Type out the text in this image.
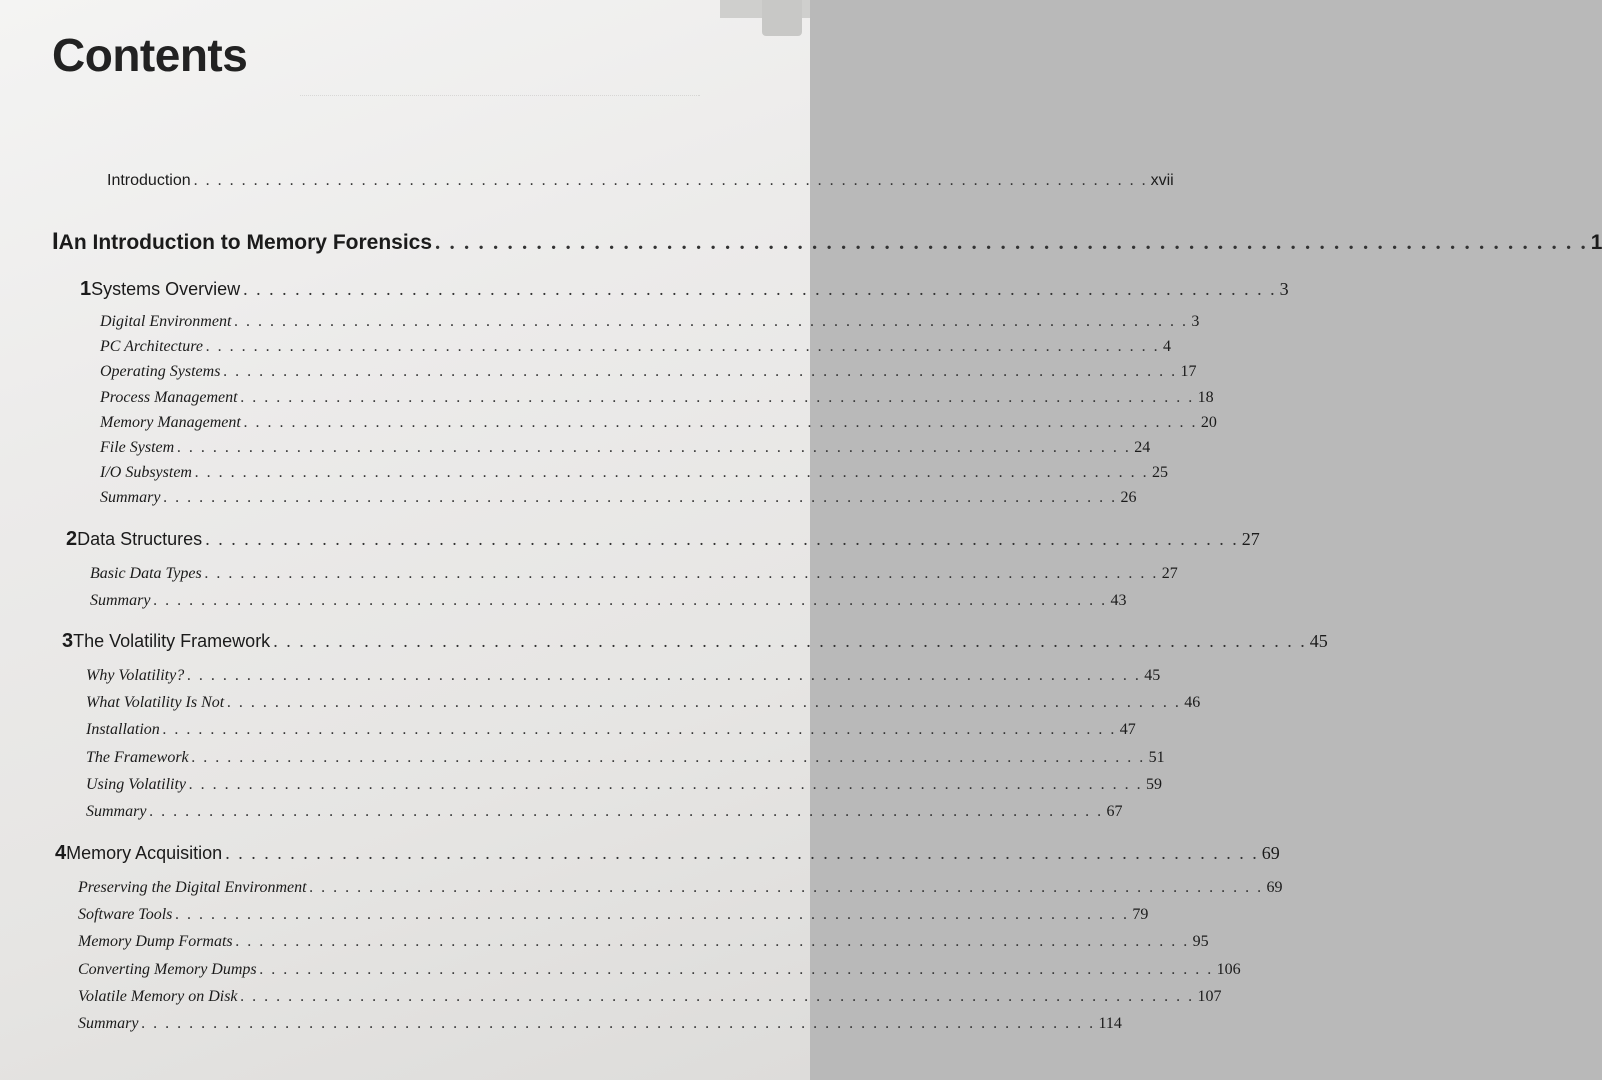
Contents
Introduction . . . . . . . . . . . . . . . . . . . . . . . . . . . . . . . . . . . . . . . . . . . . . . . . . . . . . . . . . . . . . . . . . . . . . . . . . . . . . . . . xvii
I An Introduction to Memory Forensics . . . . . . . . . . . . . . . . . . . . . . . . . . . . . . . . . . . . . . . . . . . . . . . . . . . . . . . . . . . . . . . . . . . . . . . . . . . . . . . . 1
1 Systems Overview . . . . . . . . . . . . . . . . . . . . . . . . . . . . . . . . . . . . . . . . . . . . . . . . . . . . . . . . . . . . . . . . . . . . . . . . . . . . . . . . 3
Digital Environment . . . . . . . . . . . . . . . . . . . . . . . . . . . . . . . . . . . . . . . . . . . . . . . . . . . . . . . . . . . . . . . . . . . . . . . . . . . . . . . . 3
PC Architecture . . . . . . . . . . . . . . . . . . . . . . . . . . . . . . . . . . . . . . . . . . . . . . . . . . . . . . . . . . . . . . . . . . . . . . . . . . . . . . . . 4
Operating Systems . . . . . . . . . . . . . . . . . . . . . . . . . . . . . . . . . . . . . . . . . . . . . . . . . . . . . . . . . . . . . . . . . . . . . . . . . . . . . . . . 17
Process Management . . . . . . . . . . . . . . . . . . . . . . . . . . . . . . . . . . . . . . . . . . . . . . . . . . . . . . . . . . . . . . . . . . . . . . . . . . . . . . . . 18
Memory Management . . . . . . . . . . . . . . . . . . . . . . . . . . . . . . . . . . . . . . . . . . . . . . . . . . . . . . . . . . . . . . . . . . . . . . . . . . . . . . . . 20
File System . . . . . . . . . . . . . . . . . . . . . . . . . . . . . . . . . . . . . . . . . . . . . . . . . . . . . . . . . . . . . . . . . . . . . . . . . . . . . . . . 24
I/O Subsystem . . . . . . . . . . . . . . . . . . . . . . . . . . . . . . . . . . . . . . . . . . . . . . . . . . . . . . . . . . . . . . . . . . . . . . . . . . . . . . . . 25
Summary . . . . . . . . . . . . . . . . . . . . . . . . . . . . . . . . . . . . . . . . . . . . . . . . . . . . . . . . . . . . . . . . . . . . . . . . . . . . . . . . 26
2 Data Structures . . . . . . . . . . . . . . . . . . . . . . . . . . . . . . . . . . . . . . . . . . . . . . . . . . . . . . . . . . . . . . . . . . . . . . . . . . . . . . . . 27
Basic Data Types . . . . . . . . . . . . . . . . . . . . . . . . . . . . . . . . . . . . . . . . . . . . . . . . . . . . . . . . . . . . . . . . . . . . . . . . . . . . . . . . 27
Summary . . . . . . . . . . . . . . . . . . . . . . . . . . . . . . . . . . . . . . . . . . . . . . . . . . . . . . . . . . . . . . . . . . . . . . . . . . . . . . . . 43
3 The Volatility Framework . . . . . . . . . . . . . . . . . . . . . . . . . . . . . . . . . . . . . . . . . . . . . . . . . . . . . . . . . . . . . . . . . . . . . . . . . . . . . . . . 45
Why Volatility? . . . . . . . . . . . . . . . . . . . . . . . . . . . . . . . . . . . . . . . . . . . . . . . . . . . . . . . . . . . . . . . . . . . . . . . . . . . . . . . . 45
What Volatility Is Not . . . . . . . . . . . . . . . . . . . . . . . . . . . . . . . . . . . . . . . . . . . . . . . . . . . . . . . . . . . . . . . . . . . . . . . . . . . . . . . . 46
Installation . . . . . . . . . . . . . . . . . . . . . . . . . . . . . . . . . . . . . . . . . . . . . . . . . . . . . . . . . . . . . . . . . . . . . . . . . . . . . . . . 47
The Framework . . . . . . . . . . . . . . . . . . . . . . . . . . . . . . . . . . . . . . . . . . . . . . . . . . . . . . . . . . . . . . . . . . . . . . . . . . . . . . . . 51
Using Volatility . . . . . . . . . . . . . . . . . . . . . . . . . . . . . . . . . . . . . . . . . . . . . . . . . . . . . . . . . . . . . . . . . . . . . . . . . . . . . . . . 59
Summary . . . . . . . . . . . . . . . . . . . . . . . . . . . . . . . . . . . . . . . . . . . . . . . . . . . . . . . . . . . . . . . . . . . . . . . . . . . . . . . . 67
4 Memory Acquisition . . . . . . . . . . . . . . . . . . . . . . . . . . . . . . . . . . . . . . . . . . . . . . . . . . . . . . . . . . . . . . . . . . . . . . . . . . . . . . . . 69
Preserving the Digital Environment . . . . . . . . . . . . . . . . . . . . . . . . . . . . . . . . . . . . . . . . . . . . . . . . . . . . . . . . . . . . . . . . . . . . . . . . . . . . . . . . 69
Software Tools . . . . . . . . . . . . . . . . . . . . . . . . . . . . . . . . . . . . . . . . . . . . . . . . . . . . . . . . . . . . . . . . . . . . . . . . . . . . . . . . 79
Memory Dump Formats . . . . . . . . . . . . . . . . . . . . . . . . . . . . . . . . . . . . . . . . . . . . . . . . . . . . . . . . . . . . . . . . . . . . . . . . . . . . . . . . 95
Converting Memory Dumps . . . . . . . . . . . . . . . . . . . . . . . . . . . . . . . . . . . . . . . . . . . . . . . . . . . . . . . . . . . . . . . . . . . . . . . . . . . . . . . . 106
Volatile Memory on Disk . . . . . . . . . . . . . . . . . . . . . . . . . . . . . . . . . . . . . . . . . . . . . . . . . . . . . . . . . . . . . . . . . . . . . . . . . . . . . . . . 107
Summary . . . . . . . . . . . . . . . . . . . . . . . . . . . . . . . . . . . . . . . . . . . . . . . . . . . . . . . . . . . . . . . . . . . . . . . . . . . . . . . . 114
